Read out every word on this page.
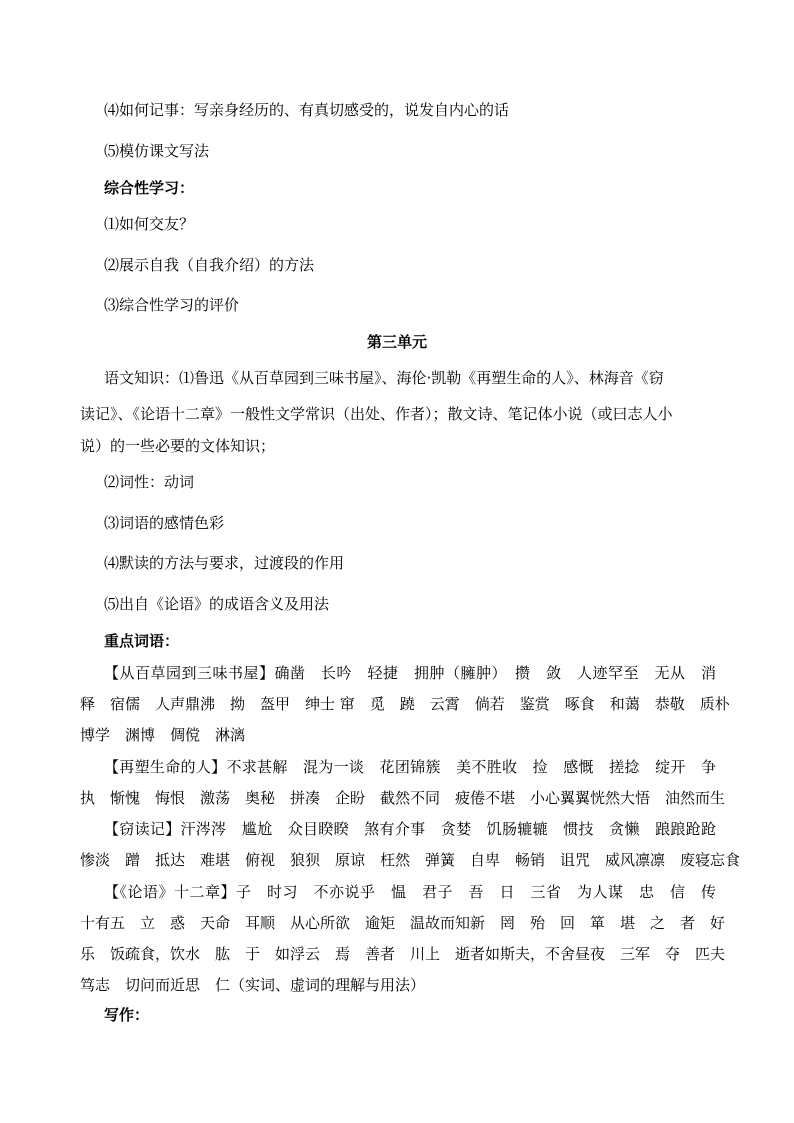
⑷如何记事：写亲身经历的、有真切感受的，说发自内心的话
⑸模仿课文写法
综合性学习：
⑴如何交友？
⑵展示自我（自我介绍）的方法
⑶综合性学习的评价
第三单元
语文知识：⑴鲁迅《从百草园到三味书屋》、海伦·凯勒《再塑生命的人》、林海音《窃
读记》、《论语十二章》一般性文学常识（出处、作者）；散文诗、笔记体小说（或曰志人小
说）的一些必要的文体知识；
⑵词性：动词
⑶词语的感情色彩
⑷默读的方法与要求，过渡段的作用
⑸出自《论语》的成语含义及用法
重点词语：
【从百草园到三味书屋】确凿　长吟　轻捷　拥肿（臃肿）　攒　敛　人迹罕至　无从　消
释　宿儒　人声鼎沸　拗　盔甲　绅士 窜　觅　蹺　云霄　倘若　鉴赏　啄食　和蔼　恭敬　质朴
博学　渊博　倜傥　淋漓
【再塑生命的人】不求甚解　混为一谈　花团锦簇　美不胜收　捡　感慨　搓捻　绽开　争
执　惭愧　悔恨　激荡　奥秘　拼凑　企盼　截然不同　疲倦不堪　小心翼翼恍然大悟　油然而生
【窃读记】汗涔涔　尴尬　众目睽睽　煞有介事　贪婪　饥肠辘辘　惯技　贪懒　踉踉跄跄
惨淡　蹭　抵达　难堪　俯视　狼狈　原谅　枉然　弹簧　自卑　畅销　诅咒　威风凛凛　废寝忘食
【《论语》十二章】子　时习　不亦说乎　愠　君子　吾　日　三省　为人谋　忠　信　传
十有五　立　惑　天命　耳顺　从心所欲　逾矩　温故而知新　罔　殆　回　箪　堪　之　者　好
乐　饭疏食，饮水　肱　于　如浮云　焉　善者　川上　逝者如斯夫，不舍昼夜　三军　夺　匹夫
笃志　切问而近思　仁（实词、虚词的理解与用法）
写作：
